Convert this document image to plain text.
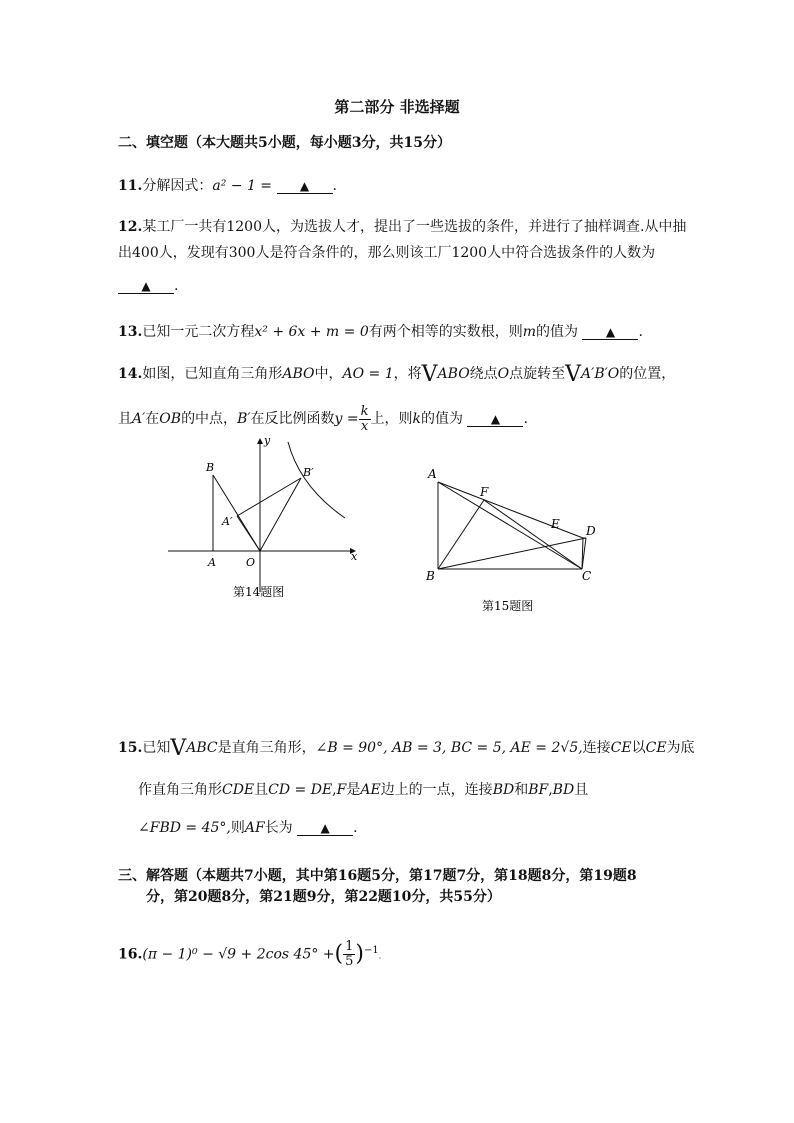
第二部分 非选择题
二、填空题（本大题共5小题，每小题3分，共15分）
11.分解因式：a² − 1 = ▲ .
12.某工厂一共有1200人，为选拔人才，提出了一些选拔的条件，并进行了抽样调查.从中抽
出400人，发现有300人是符合条件的，那么则该工厂1200人中符合选拔条件的人数为
▲ .
13.已知一元二次方程x² + 6x + m = 0有两个相等的实数根，则m的值为 ▲ .
14.如图，已知直角三角形ABO中，AO = 1，将VABO绕点O点旋转至VA′B′O的位置，
且A′在OB的中点，B′在反比例函数$y = \frac{k}{x}$ 上，则k的值为 ▲ .
B	B′
A′
A	O
y
x
第14题图
A
F
E D
B	C
第15题图
15.已知VABC是直角三角形，∠B = 90°, AB = 3, BC = 5, AE = 2√5,连接CE以CE为底
作直角三角形CDE且CD = DE,F是AE边上的一点，连接BD和BF,BD且
∠FBD = 45°,则AF长为 ▲ .
三、解答题（本题共7小题，其中第16题5分，第17题7分，第18题8分，第19题8
分，第20题8分，第21题9分，第22题10分，共55分）
16.(π − 1)⁰ − √9 + 2cos 45° +( $\frac{1}{5} )^{-1}$.
